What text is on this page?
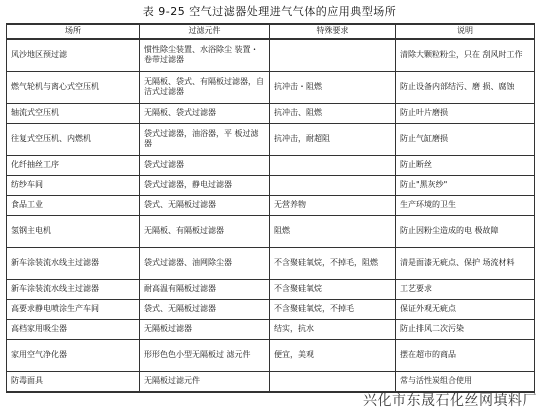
表 9-25 空气过滤器处理进气气体的应用典型场所
场所	过滤元件	特殊要求	说明
风沙地区预过滤	惯性除尘装置、水浴除尘 装置・卷带过滤器		清除大颗粒粉尘，只在 刮风时工作
燃气轮机与离心式空压机	无隔板、袋式、有隔板过滤器，自洁式过滤器	抗冲击・阻燃	防止设备内部结污、磨 损、腐蚀
轴流式空压机	无隔板、袋式过滤器	抗冲击、阻燃	防止叶片磨损
往复式空压机、内燃机	袋式过滤器，油浴器，平 板过滤器	抗冲击，耐超阻	防止气缸磨损
化纤抽丝工序	袋式过滤器		防止断丝
纺纱车间	袋式过滤器，静电过滤器		防止"黑灰纱"
食品工业	袋式、无隔板过滤器	无营养物	生产环境的卫生
氢钢主电机	无隔板、有隔板过滤器	阻燃	防止因粉尘造成的电 极故障
新车涂装流水线主过滤器	袋式过滤器、油网除尘器	不含聚硅氧烷，不掉毛，阻燃	清是面漆无疵点、保护 场流材料
新车涂装流水线主过滤器	耐高温有隔板过滤器	不含聚硅氧烷	工艺要求
高要求静电喷涂生产车间	袋式、无隔板过滤器	不含聚硅氧烷，不掉毛	保证外观无疵点
高档家用吸尘器	无隔板过滤器	结实，抗水	防止排风二次污染
家用空气净化器	形形色色小型无隔板过 滤元件	便宜，美观	摆在超市的商品
防毒面具	无隔板过滤元件		常与活性炭组合使用
兴化市东晟石化丝网填料厂
